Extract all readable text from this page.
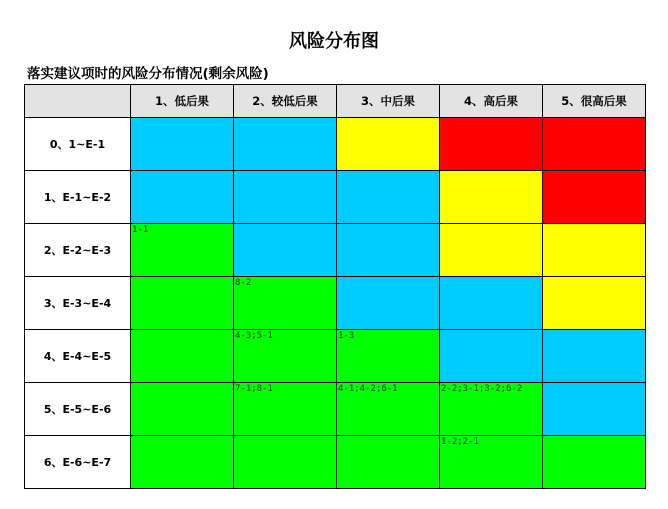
风险分布图
落实建议项时的风险分布情况(剩余风险)
	1、低后果	2、较低后果	3、中后果	4、高后果	5、很高后果
0、1~E-1	

1、E-1~E-2	

2、E-2~E-3	1-1				

3、E-3~E-4		8-2			

4、E-4~E-5		4-3;5-1	1-3		

5、E-5~E-6		7-1;8-1	4-1;4-2;6-1	2-2;3-1;3-2;6-2	

6、E-6~E-7				1-2;2-1	
